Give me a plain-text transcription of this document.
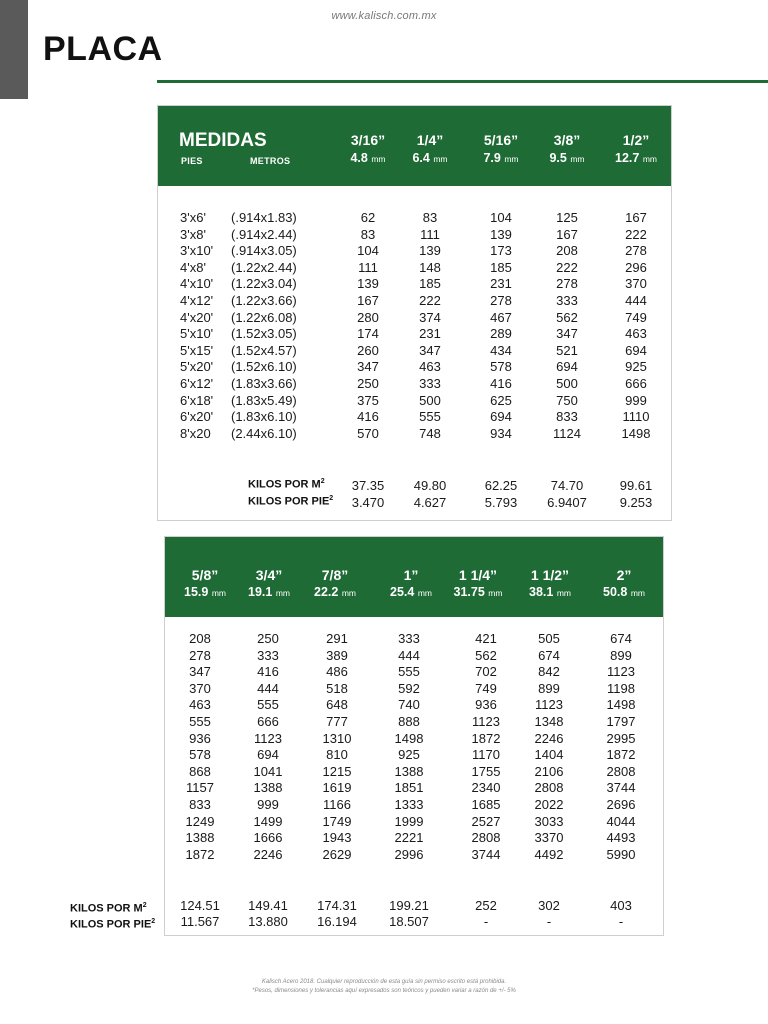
www.kalisch.com.mx
PLACA
MEDIDAS
PIES	METROS
3/16”
4.8 mm
1/4”
6.4 mm
5/16”
7.9 mm
3/8”
9.5 mm
1/2”
12.7 mm
3'x6' (.914x1.83)	62	83	104	125	167
3'x8' (.914x2.44)	83	111	139	167	222
3'x10' (.914x3.05)	104	139	173	208	278
4'x8' (1.22x2.44)	111	148	185	222	296
4'x10' (1.22x3.04)	139	185	231	278	370
4'x12' (1.22x3.66)	167	222	278	333	444
4'x20' (1.22x6.08)	280	374	467	562	749
5'x10' (1.52x3.05)	174	231	289	347	463
5'x15' (1.52x4.57)	260	347	434	521	694
5'x20' (1.52x6.10)	347	463	578	694	925
6'x12' (1.83x3.66)	250	333	416	500	666
6'x18' (1.83x5.49)	375	500	625	750	999
6'x20' (1.83x6.10)	416	555	694	833	1110
8'x20 (2.44x6.10)	570	748	934	1124	1498
KILOS POR $M^2$
KILOS POR PIE$^2$
37.35	49.80	62.25	74.70	99.61
3.470	4.627	5.793	6.9407	9.253
5/8”
15.9 mm
3/4”
19.1 mm
7/8”
22.2 mm
1”
25.4 mm
1 1/4”
31.75 mm
1 1/2”
38.1 mm
2”
50.8 mm
208	250	291	333	421	505	674
278	333	389	444	562	674	899
347	416	486	555	702	842	1123
370	444	518	592	749	899	1198
463	555	648	740	936	1123	1498
555	666	777	888	1123	1348	1797
936	1123	1310	1498	1872	2246	2995
578	694	810	925	1170	1404	1872
868	1041	1215	1388	1755	2106	2808
1157	1388	1619	1851	2340	2808	3744
833	999	1166	1333	1685	2022	2696
1249	1499	1749	1999	2527	3033	4044
1388	1666	1943	2221	2808	3370	4493
1872	2246	2629	2996	3744	4492	5990
124.51	149.41	174.31	199.21	252	302	403
11.567	13.880	16.194	18.507	-	-	-
KILOS POR $M^2$
KILOS POR PIE$^2$
Kalisch Acero 2018. Cualquier reproducción de esta guía sin permiso escrito está prohibida.
*Pesos, dimensiones y tolerancias aquí expresados son teóricos y pueden variar a razón de +/- 5%
